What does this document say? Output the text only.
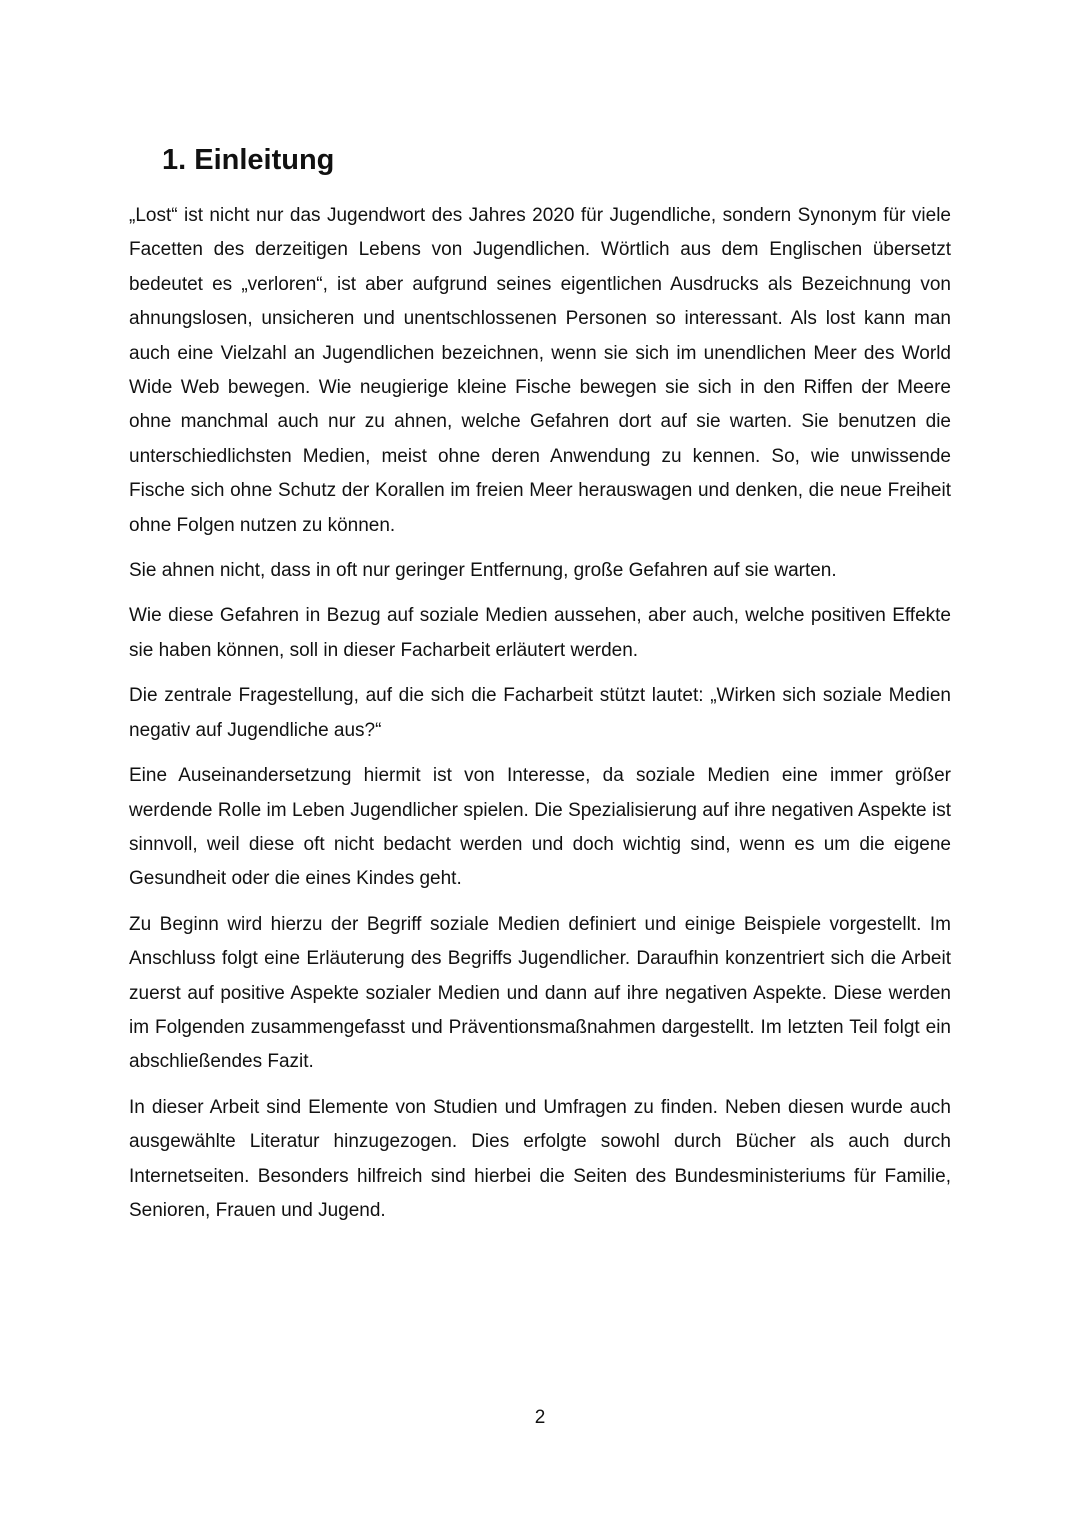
1. Einleitung

„Lost“ ist nicht nur das Jugendwort des Jahres 2020 für Jugendliche, sondern Synonym für viele Facetten des derzeitigen Lebens von Jugendlichen. Wörtlich aus dem Englischen übersetzt bedeutet es „verloren“, ist aber aufgrund seines eigentlichen Ausdrucks als Bezeichnung von ahnungslosen, unsicheren und unentschlossenen Personen so interessant. Als lost kann man auch eine Vielzahl an Jugendlichen bezeichnen, wenn sie sich im unendlichen Meer des World Wide Web bewegen. Wie neugierige kleine Fische bewegen sie sich in den Riffen der Meere ohne manchmal auch nur zu ahnen, welche Gefahren dort auf sie warten. Sie benutzen die unterschiedlichsten Medien, meist ohne deren Anwendung zu kennen. So, wie unwissende Fische sich ohne Schutz der Korallen im freien Meer herauswagen und denken, die neue Freiheit ohne Folgen nutzen zu können.

Sie ahnen nicht, dass in oft nur geringer Entfernung, große Gefahren auf sie warten.

Wie diese Gefahren in Bezug auf soziale Medien aussehen, aber auch, welche positiven Effekte sie haben können, soll in dieser Facharbeit erläutert werden.

Die zentrale Fragestellung, auf die sich die Facharbeit stützt lautet: „Wirken sich soziale Medien negativ auf Jugendliche aus?“

Eine Auseinandersetzung hiermit ist von Interesse, da soziale Medien eine immer größer werdende Rolle im Leben Jugendlicher spielen. Die Spezialisierung auf ihre negativen Aspekte ist sinnvoll, weil diese oft nicht bedacht werden und doch wichtig sind, wenn es um die eigene Gesundheit oder die eines Kindes geht.

Zu Beginn wird hierzu der Begriff soziale Medien definiert und einige Beispiele vorgestellt. Im Anschluss folgt eine Erläuterung des Begriffs Jugendlicher. Daraufhin konzentriert sich die Arbeit zuerst auf positive Aspekte sozialer Medien und dann auf ihre negativen Aspekte. Diese werden im Folgenden zusammengefasst und Präventionsmaßnahmen dargestellt. Im letzten Teil folgt ein abschließendes Fazit.

In dieser Arbeit sind Elemente von Studien und Umfragen zu finden. Neben diesen wurde auch ausgewählte Literatur hinzugezogen. Dies erfolgte sowohl durch Bücher als auch durch Internetseiten. Besonders hilfreich sind hierbei die Seiten des Bundesministeriums für Familie, Senioren, Frauen und Jugend.

2
